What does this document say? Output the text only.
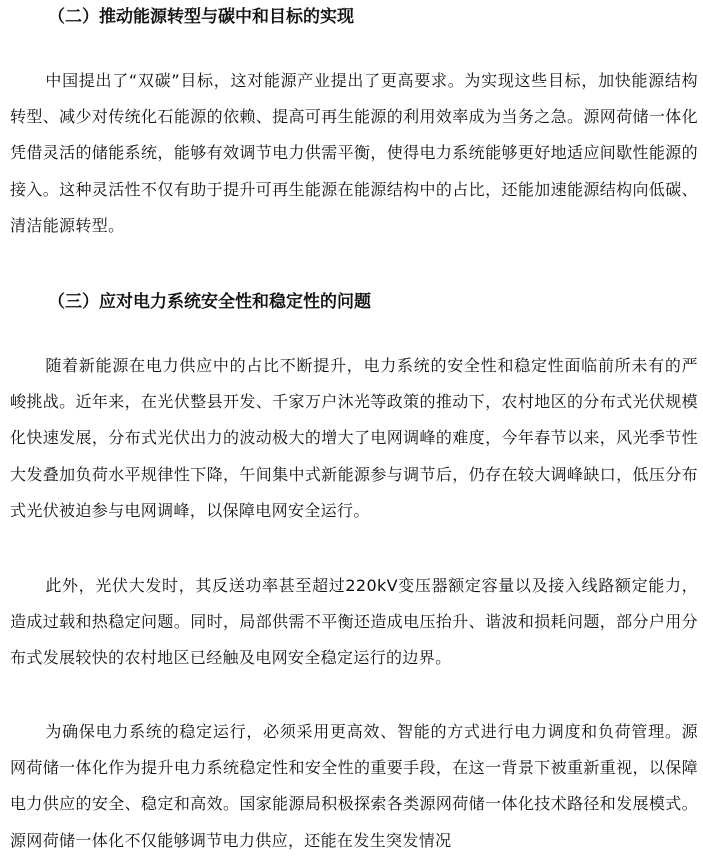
（二）推动能源转型与碳中和目标的实现

中国提出了“双碳”目标，这对能源产业提出了更高要求。为实现这些目标，加快能源结构转型、减少对传统化石能源的依赖、提高可再生能源的利用效率成为当务之急。源网荷储一体化凭借灵活的储能系统，能够有效调节电力供需平衡，使得电力系统能够更好地适应间歇性能源的接入。这种灵活性不仅有助于提升可再生能源在能源结构中的占比，还能加速能源结构向低碳、清洁能源转型。

（三）应对电力系统安全性和稳定性的问题

随着新能源在电力供应中的占比不断提升，电力系统的安全性和稳定性面临前所未有的严峻挑战。近年来，在光伏整县开发、千家万户沐光等政策的推动下，农村地区的分布式光伏规模化快速发展，分布式光伏出力的波动极大的增大了电网调峰的难度，今年春节以来，风光季节性大发叠加负荷水平规律性下降，午间集中式新能源参与调节后，仍存在较大调峰缺口，低压分布式光伏被迫参与电网调峰，以保障电网安全运行。

此外，光伏大发时，其反送功率甚至超过220kV变压器额定容量以及接入线路额定能力，造成过载和热稳定问题。同时，局部供需不平衡还造成电压抬升、谐波和损耗问题，部分户用分布式发展较快的农村地区已经触及电网安全稳定运行的边界。

为确保电力系统的稳定运行，必须采用更高效、智能的方式进行电力调度和负荷管理。源网荷储一体化作为提升电力系统稳定性和安全性的重要手段，在这一背景下被重新重视，以保障电力供应的安全、稳定和高效。国家能源局积极探索各类源网荷储一体化技术路径和发展模式。源网荷储一体化不仅能够调节电力供应，还能在发生突发情况
